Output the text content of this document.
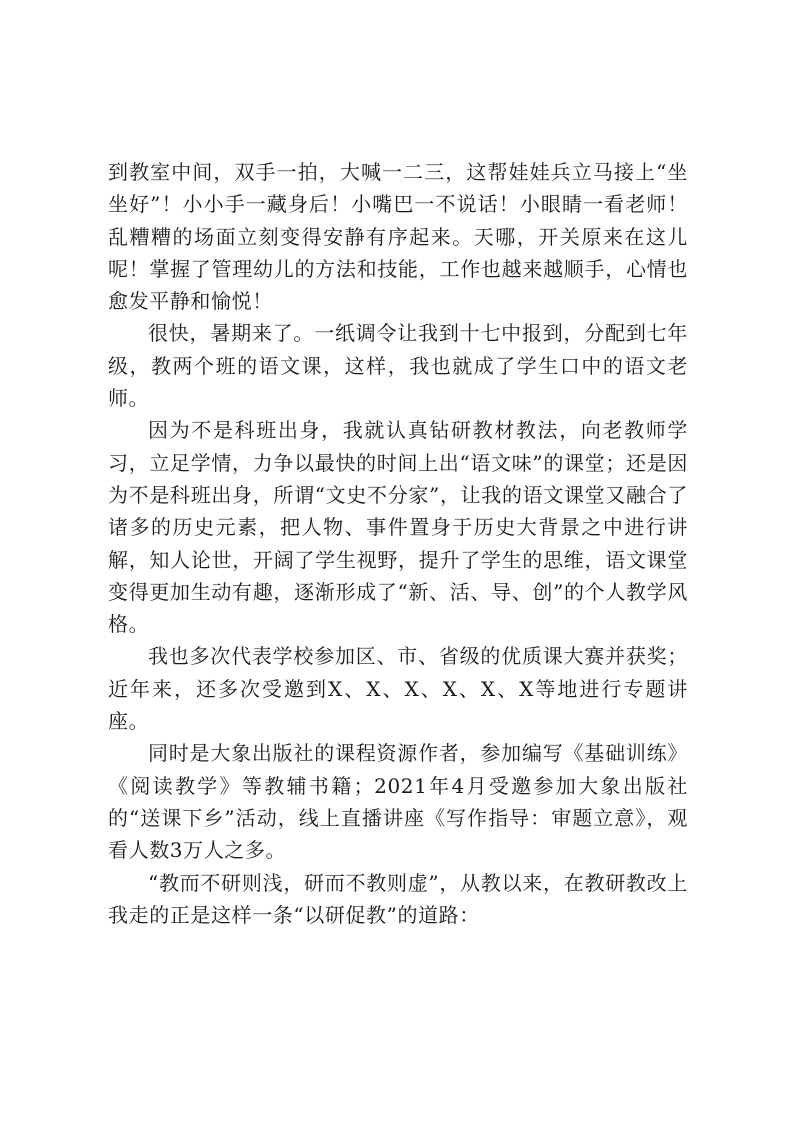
到教室中间，双手一拍，大喊一二三，这帮娃娃兵立马接上“坐坐好”！小小手一藏身后！小嘴巴一不说话！小眼睛一看老师！乱糟糟的场面立刻变得安静有序起来。天哪，开关原来在这儿呢！掌握了管理幼儿的方法和技能，工作也越来越顺手，心情也愈发平静和愉悦！

很快，暑期来了。一纸调令让我到十七中报到，分配到七年级，教两个班的语文课，这样，我也就成了学生口中的语文老师。

因为不是科班出身，我就认真钻研教材教法，向老教师学习，立足学情，力争以最快的时间上出“语文味”的课堂；还是因为不是科班出身，所谓“文史不分家”，让我的语文课堂又融合了诸多的历史元素，把人物、事件置身于历史大背景之中进行讲解，知人论世，开阔了学生视野，提升了学生的思维，语文课堂变得更加生动有趣，逐渐形成了“新、活、导、创”的个人教学风格。

我也多次代表学校参加区、市、省级的优质课大赛并获奖；近年来，还多次受邀到X、X、X、X、X、X等地进行专题讲座。

同时是大象出版社的课程资源作者，参加编写《基础训练》《阅读教学》等教辅书籍；2021年4月受邀参加大象出版社的“送课下乡”活动，线上直播讲座《写作指导：审题立意》，观看人数3万人之多。

“教而不研则浅，研而不教则虚”，从教以来，在教研教改上我走的正是这样一条“以研促教”的道路：
